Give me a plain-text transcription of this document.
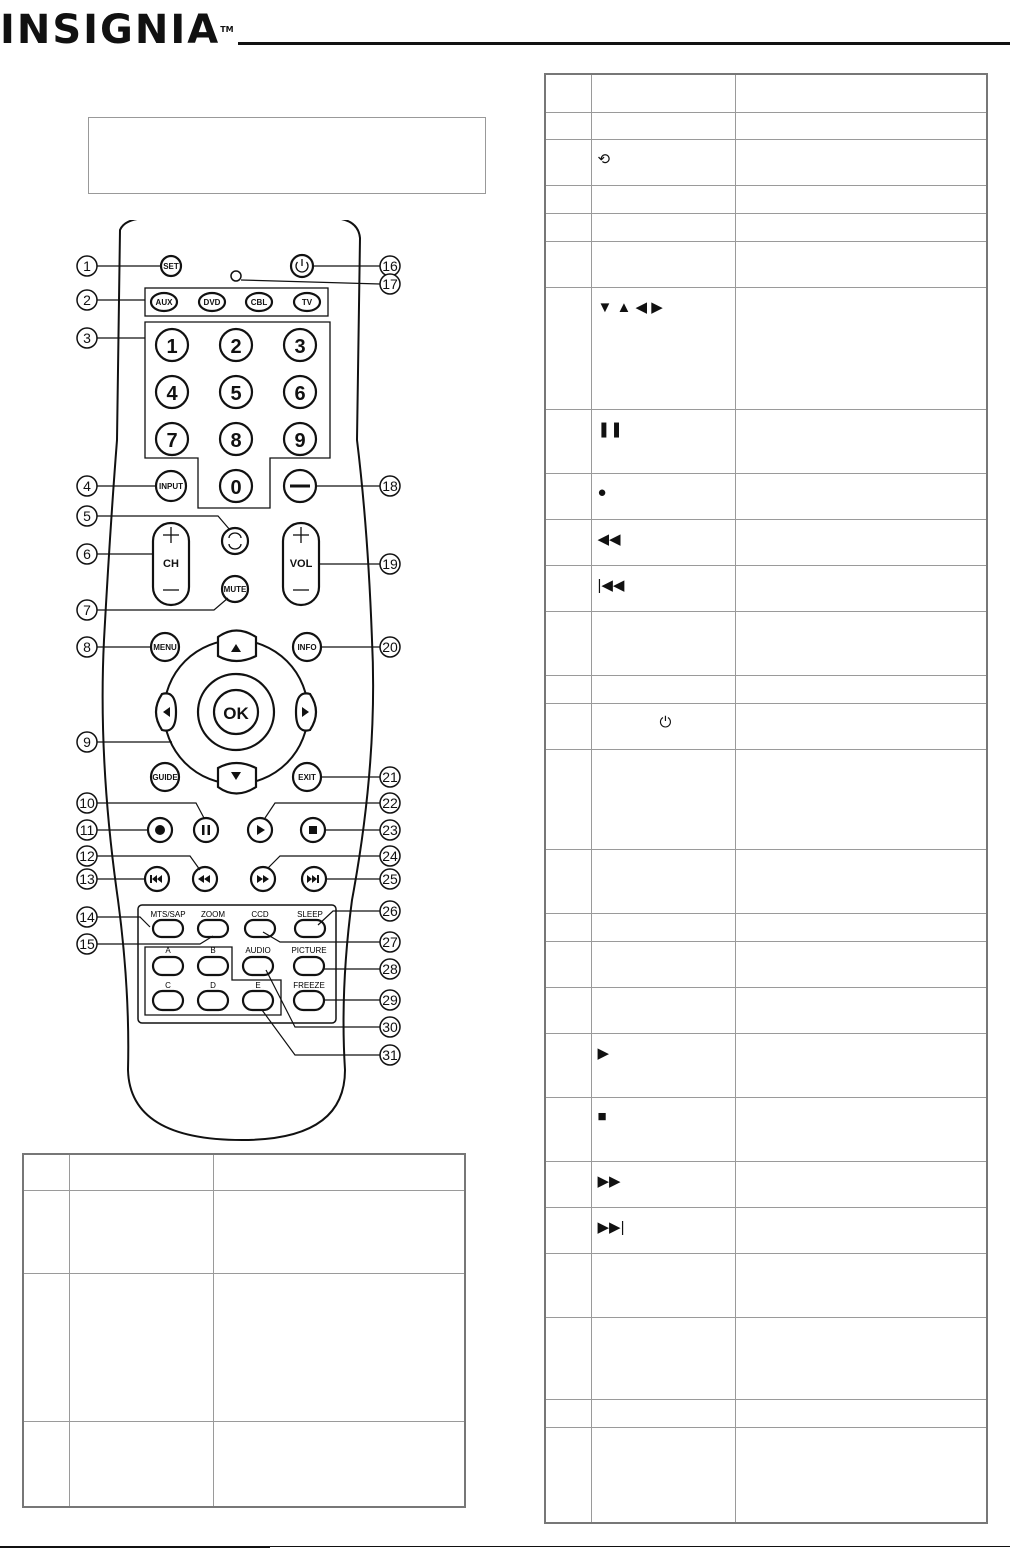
INSIGNIA™
SET
AUX	DVD	CBL	TV
1	2	3
4	5	6
7	8	9
0
INPUT
CH
MUTE
VOL
MENU	INFO
OK
GUIDE	EXIT
MTS/SAP ZOOM	CCD	SLEEP
A	B	AUDIO	PICTURE
C	D	E	FREEZE
1
2
3
4
5
6
7
8
9
10
11
12
13
14
15
16
17
18
19
20
21
22
23
24
25
26
27
28
29
30
31

	⟲	

	▼ ▲ ◀ ▶	
	❚❚	
	●	
	◀◀	
	|◀◀	

	⏻	

	▶	
	■	
	▶▶	
	▶▶|	
